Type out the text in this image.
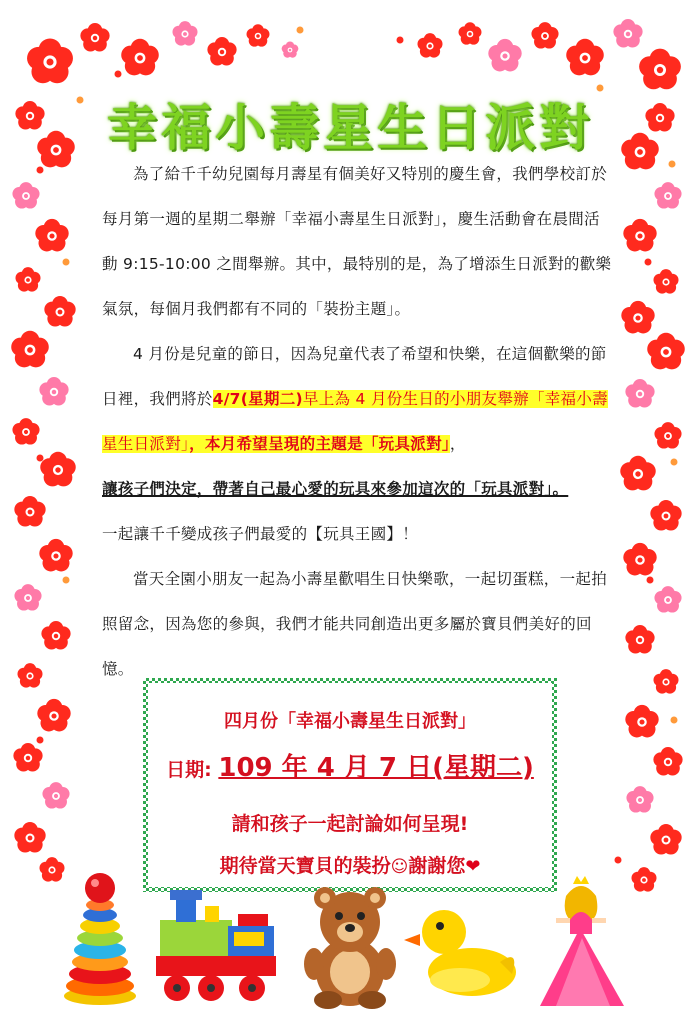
幸福小壽星生日派對

為了給千千幼兒園每月壽星有個美好又特別的慶生會，我們學校訂於每月第一週的星期二舉辦「幸福小壽星生日派對」，慶生活動會在晨間活動 9:15-10:00 之間舉辦。其中，最特別的是，為了增添生日派對的歡樂氣氛，每個月我們都有不同的「裝扮主題」。

4 月份是兒童的節日，因為兒童代表了希望和快樂，在這個歡樂的節日裡，我們將於4/7(星期二)早上為 4 月份生日的小朋友舉辦「幸福小壽星生日派對」，本月希望呈現的主題是「玩具派對」，
讓孩子們決定，帶著自己最心愛的玩具來參加這次的「玩具派對」。
一起讓千千變成孩子們最愛的【玩具王國】！

當天全園小朋友一起為小壽星歡唱生日快樂歌，一起切蛋糕，一起拍照留念，因為您的參與，我們才能共同創造出更多屬於寶貝們美好的回憶。

四月份「幸福小壽星生日派對」
日期: 109 年 4 月 7 日(星期二)
請和孩子一起討論如何呈現!
期待當天寶貝的裝扮☺謝謝您❤
